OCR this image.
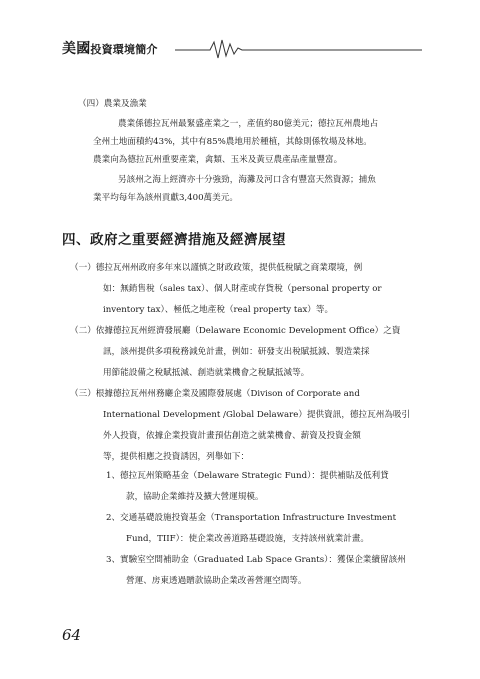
美國投資環境簡介
（四）農業及漁業
農業係德拉瓦州最緊盛產業之一，產值約80億美元；德拉瓦州農地占
全州土地面積約43%，其中有85%農地用於種植，其餘則係牧場及林地。
農業向為德拉瓦州重要產業，禽類、玉米及黃豆農產品產量豐富。
另該州之海上經濟亦十分強勁，海灘及河口含有豐富天然資源；捕魚
業平均每年為該州貢獻3,400萬美元。
四、政府之重要經濟措施及經濟展望
（一）德拉瓦州州政府多年來以謹慎之財政政策，提供低稅賦之商業環境，例
如：無銷售稅（sales tax）、個人財產或存貨稅（personal property or
inventory tax）、極低之地產稅（real property tax）等。
（二）依據德拉瓦州經濟發展廳（Delaware Economic Development Office）之資
訊，該州提供多項稅務減免計畫，例如：研發支出稅賦抵減、製造業採
用節能設備之稅賦抵減、創造就業機會之稅賦抵減等。
（三）根據德拉瓦州州務廳企業及國際發展處（Divison of Corporate and
International Development /Global Delaware）提供資訊，德拉瓦州為吸引
外人投資，依據企業投資計畫預估創造之就業機會、薪資及投資金額
等，提供相應之投資誘因，列舉如下：
1、德拉瓦州策略基金（Delaware Strategic Fund）：提供補貼及低利貸
款，協助企業維持及擴大營運規模。
2、交通基礎設施投資基金（Transportation Infrastructure Investment
Fund，TIIF）：使企業改善道路基礎設施，支持該州就業計畫。
3、實驗室空間補助金（Graduated Lab Space Grants）：獲保企業續留該州
營運、房東透過贈款協助企業改善營運空間等。
64
